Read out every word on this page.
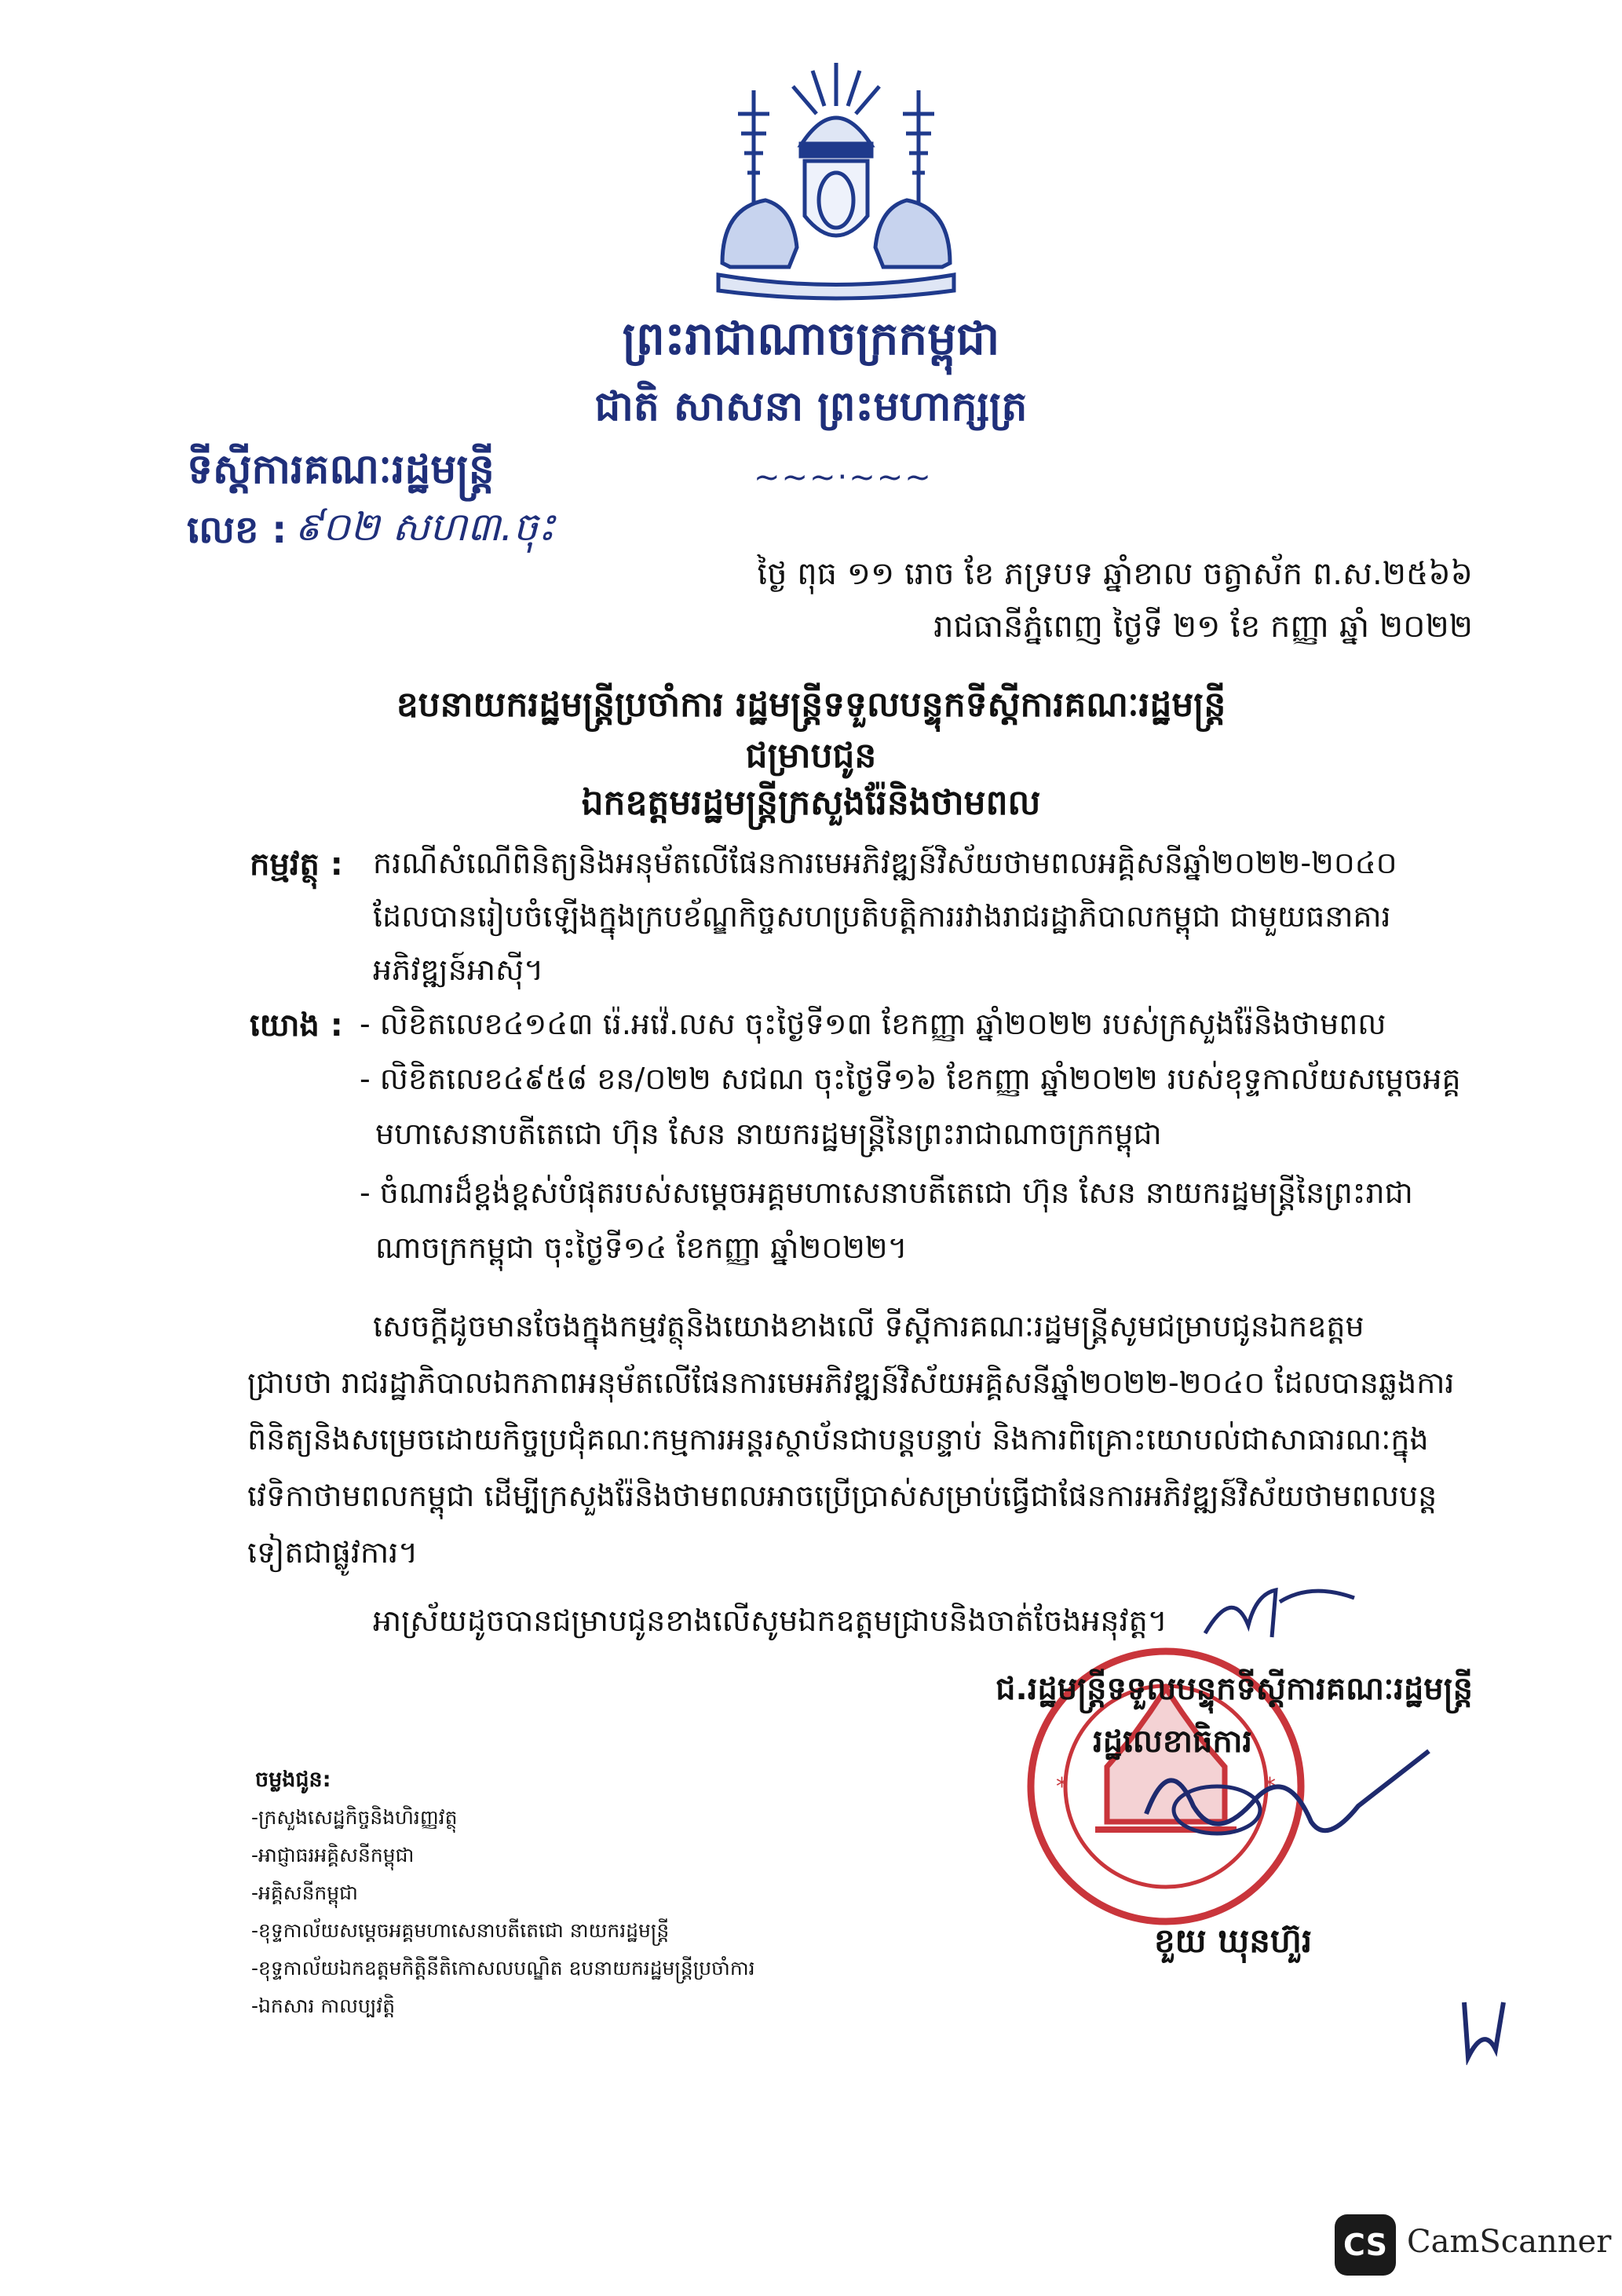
ព្រះរាជាណាចក្រកម្ពុជា
ជាតិ សាសនា ព្រះមហាក្សត្រ
ទីស្ដីការគណៈរដ្ឋមន្ត្រី	~~~·~~~
លេខ : ៩០២ សហ៣.ចុះ
ថ្ងៃ ពុធ ១១ រោច ខែ ភទ្របទ ឆ្នាំខាល ចត្វាស័ក ព.ស.២៥៦៦
រាជធានីភ្នំពេញ ថ្ងៃទី ២១ ខែ កញ្ញា ឆ្នាំ ២០២២
ឧបនាយករដ្ឋមន្ត្រីប្រចាំការ រដ្ឋមន្ត្រីទទួលបន្ទុកទីស្ដីការគណៈរដ្ឋមន្ត្រី
ជម្រាបជូន
ឯកឧត្តមរដ្ឋមន្ត្រីក្រសួងរ៉ែនិងថាមពល
កម្មវត្ថុ : ករណីសំណើពិនិត្យនិងអនុម័តលើផែនការមេអភិវឌ្ឍន៍វិស័យថាមពលអគ្គិសនីឆ្នាំ២០២២-២០៤០
ដែលបានរៀបចំឡើងក្នុងក្របខ័ណ្ឌកិច្ចសហប្រតិបត្តិការរវាងរាជរដ្ឋាភិបាលកម្ពុជា ជាមួយធនាគារ
អភិវឌ្ឍន៍អាស៊ី។
យោង : - លិខិតលេខ៤១៤៣ រ៉េ.អវ៉េ.លស ចុះថ្ងៃទី១៣ ខែកញ្ញា ឆ្នាំ២០២២ របស់ក្រសួងរ៉ែនិងថាមពល
- លិខិតលេខ៤៩៥៨ ខន/០២២ សជណ ចុះថ្ងៃទី១៦ ខែកញ្ញា ឆ្នាំ២០២២ របស់ខុទ្ទកាល័យសម្ដេចអគ្គ
មហាសេនាបតីតេជោ ហ៊ុន សែន នាយករដ្ឋមន្ត្រីនៃព្រះរាជាណាចក្រកម្ពុជា
- ចំណារដ៏ខ្ពង់ខ្ពស់បំផុតរបស់សម្ដេចអគ្គមហាសេនាបតីតេជោ ហ៊ុន សែន នាយករដ្ឋមន្ត្រីនៃព្រះរាជា
ណាចក្រកម្ពុជា ចុះថ្ងៃទី១៤ ខែកញ្ញា ឆ្នាំ២០២២។
សេចក្ដីដូចមានចែងក្នុងកម្មវត្ថុនិងយោងខាងលើ ទីស្ដីការគណៈរដ្ឋមន្ត្រីសូមជម្រាបជូនឯកឧត្តម
ជ្រាបថា រាជរដ្ឋាភិបាលឯកភាពអនុម័តលើផែនការមេអភិវឌ្ឍន៍វិស័យអគ្គិសនីឆ្នាំ២០២២-២០៤០ ដែលបានឆ្លងការ
ពិនិត្យនិងសម្រេចដោយកិច្ចប្រជុំគណៈកម្មការអន្តរស្ថាប័នជាបន្តបន្ទាប់ និងការពិគ្រោះយោបល់ជាសាធារណៈក្នុង
វេទិកាថាមពលកម្ពុជា ដើម្បីក្រសួងរ៉ែនិងថាមពលអាចប្រើប្រាស់សម្រាប់ធ្វើជាផែនការអភិវឌ្ឍន៍វិស័យថាមពលបន្ត
ទៀតជាផ្លូវការ។
អាស្រ័យដូចបានជម្រាបជូនខាងលើសូមឯកឧត្តមជ្រាបនិងចាត់ចែងអនុវត្ត។
*	*
ជ.រដ្ឋមន្ត្រីទទួលបន្ទុកទីស្ដីការគណៈរដ្ឋមន្ត្រី
រដ្ឋលេខាធិការ
ខួយ ឃុនហ៊ួរ
ចម្លងជូន:
-ក្រសួងសេដ្ឋកិច្ចនិងហិរញ្ញវត្ថុ
-អាជ្ញាធរអគ្គិសនីកម្ពុជា
-អគ្គិសនីកម្ពុជា
-ខុទ្ទកាល័យសម្ដេចអគ្គមហាសេនាបតីតេជោ នាយករដ្ឋមន្ត្រី
-ខុទ្ទកាល័យឯកឧត្តមកិត្តិនីតិកោសលបណ្ឌិត ឧបនាយករដ្ឋមន្ត្រីប្រចាំការ
-ឯកសារ កាលប្បវត្តិ
CS CamScanner
